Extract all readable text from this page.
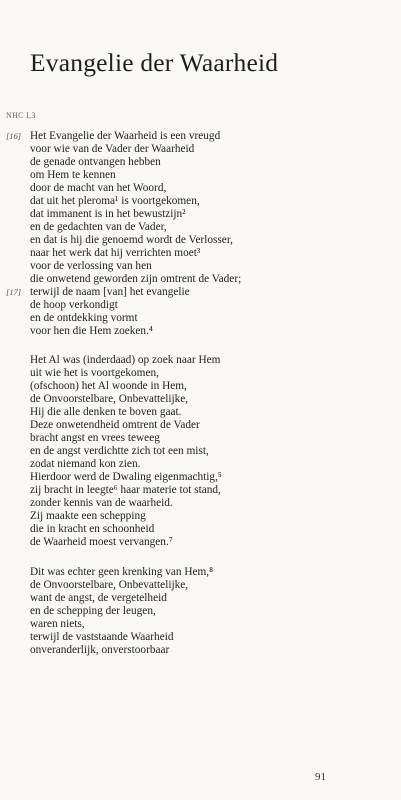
Evangelie der Waarheid
NHC I,3
[16]
[17]
Het Evangelie der Waarheid is een vreugd
voor wie van de Vader der Waarheid
de genade ontvangen hebben
om Hem te kennen
door de macht van het Woord,
dat uit het pleroma¹ is voortgekomen,
dat immanent is in het bewustzijn²
en de gedachten van de Vader,
en dat is hij die genoemd wordt de Verlosser,
naar het werk dat hij verrichten moet³
voor de verlossing van hen
die onwetend geworden zijn omtrent de Vader;
terwijl de naam [van] het evangelie
de hoop verkondigt
en de ontdekking vormt
voor hen die Hem zoeken.⁴
Het Al was (inderdaad) op zoek naar Hem
uit wie het is voortgekomen,
(ofschoon) het Al woonde in Hem,
de Onvoorstelbare, Onbevattelijke,
Hij die alle denken te boven gaat.
Deze onwetendheid omtrent de Vader
bracht angst en vrees teweeg
en de angst verdichtte zich tot een mist,
zodat niemand kon zien.
Hierdoor werd de Dwaling eigenmachtig,⁵
zij bracht in leegte⁶ haar materie tot stand,
zonder kennis van de waarheid.
Zij maakte een schepping
die in kracht en schoonheid
de Waarheid moest vervangen.⁷
Dit was echter geen krenking van Hem,⁸
de Onvoorstelbare, Onbevattelijke,
want de angst, de vergetelheid
en de schepping der leugen,
waren niets,
terwijl de vaststaande Waarheid
onveranderlijk, onverstoorbaar
91
